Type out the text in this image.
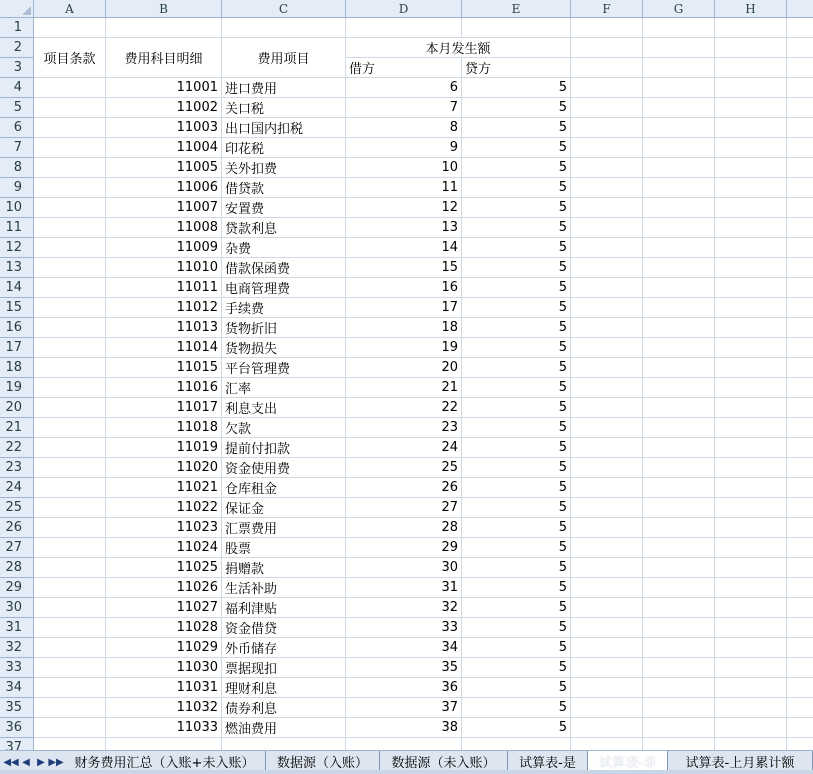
A	B	C	D	E	F	G	H
1
2
3
4
5
6
7
8
9
10
11
12
13
14
15
16
17
18
19
20
21
22
23
24
25
26
27
28
29
30
31
32
33
34
35
36
37
项目条款	费用科目明细	费用项目
本月发生额
借方	贷方
11001 进口费用	6	5
11002 关口税	7	5
11003 出口国内扣税	8	5
11004 印花税	9	5
11005 关外扣费	10	5
11006 借贷款	11	5
11007 安置费	12	5
11008 贷款利息	13	5
11009 杂费	14	5
11010 借款保函费	15	5
11011 电商管理费	16	5
11012 手续费	17	5
11013 货物折旧	18	5
11014 货物损失	19	5
11015 平台管理费	20	5
11016 汇率	21	5
11017 利息支出	22	5
11018 欠款	23	5
11019 提前付扣款	24	5
11020 资金使用费	25	5
11021 仓库租金	26	5
11022 保证金	27	5
11023 汇票费用	28	5
11024 股票	29	5
11025 捐赠款	30	5
11026 生活补助	31	5
11027 福利津贴	32	5
11028 资金借贷	33	5
11029 外币储存	34	5
11030 票据现扣	35	5
11031 理财利息	36	5
11032 债券利息	37	5
11033 燃油费用	38	5
◀◀ ◀ ▶ ▶▶ 财务费用汇总（入账+未入账）	数据源（入账）	数据源（未入账）	试算表-是	试算表-非	试算表-上月累计额
